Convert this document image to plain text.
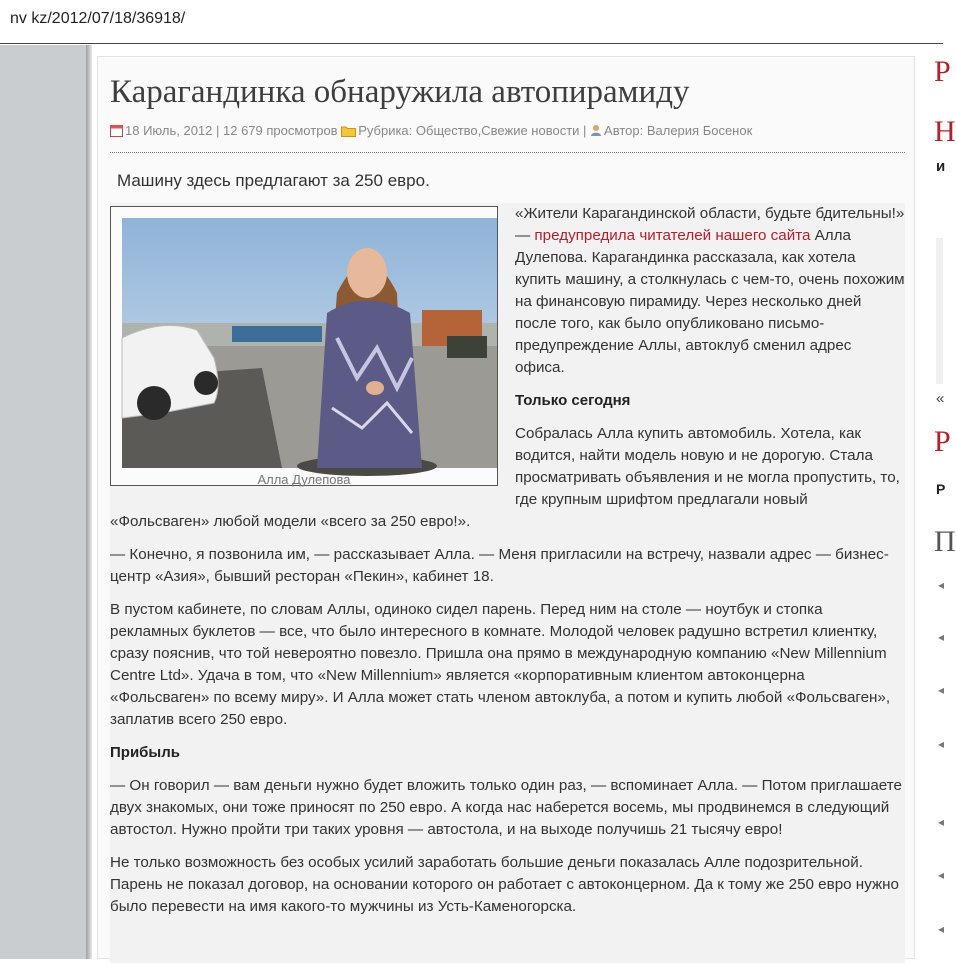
nv kz/2012/07/18/36918/
Карагандинка обнаружила автопирамиду
18 Июль, 2012 | 12 679 просмотров Рубрика: Общество,Свежие новости | Автор: Валерия Босенок
Машину здесь предлагают за 250 евро.
Алла Дулепова

«Жители Карагандинской области, будьте бдительны!» — предупредила читателей нашего сайта Алла Дулепова. Карагандинка рассказала, как хотела купить машину, а столкнулась с чем-то, очень похожим на финансовую пирамиду. Через несколько дней после того, как было опубликовано письмо-предупреждение Аллы, автоклуб сменил адрес офиса.

Только сегодня

Собралась Алла купить автомобиль. Хотела, как водится, найти модель новую и не дорогую. Стала просматривать объявления и не могла пропустить, то, где крупным шрифтом предлагали новый «Фольсваген» любой модели «всего за 250 евро!».

— Конечно, я позвонила им, — рассказывает Алла. — Меня пригласили на встречу, назвали адрес — бизнес-центр «Азия», бывший ресторан «Пекин», кабинет 18.

В пустом кабинете, по словам Аллы, одиноко сидел парень. Перед ним на столе — ноутбук и стопка рекламных буклетов — все, что было интересного в комнате. Молодой человек радушно встретил клиентку, сразу пояснив, что той невероятно повезло. Пришла она прямо в международную компанию «New Millennium Centre Ltd». Удача в том, что «New Millennium» является «корпоративным клиентом автоконцерна «Фольсваген» по всему миру». И Алла может стать членом автоклуба, а потом и купить любой «Фольсваген», заплатив всего 250 евро.

Прибыль

— Он говорил — вам деньги нужно будет вложить только один раз, — вспоминает Алла. — Потом приглашаете двух знакомых, они тоже приносят по 250 евро. А когда нас наберется восемь, мы продвинемся в следующий автостол. Нужно пройти три таких уровня — автостола, и на выходе получишь 21 тысячу евро!

Не только возможность без особых усилий заработать большие деньги показалась Алле подозрительной. Парень не показал договор, на основании которого он работает с автоконцерном. Да к тому же 250 евро нужно было перевести на имя какого-то мужчины из Усть-Каменогорска.

Р
Н
и
«
Р
Р
П
◂
◂
◂
◂
◂
◂
◂
